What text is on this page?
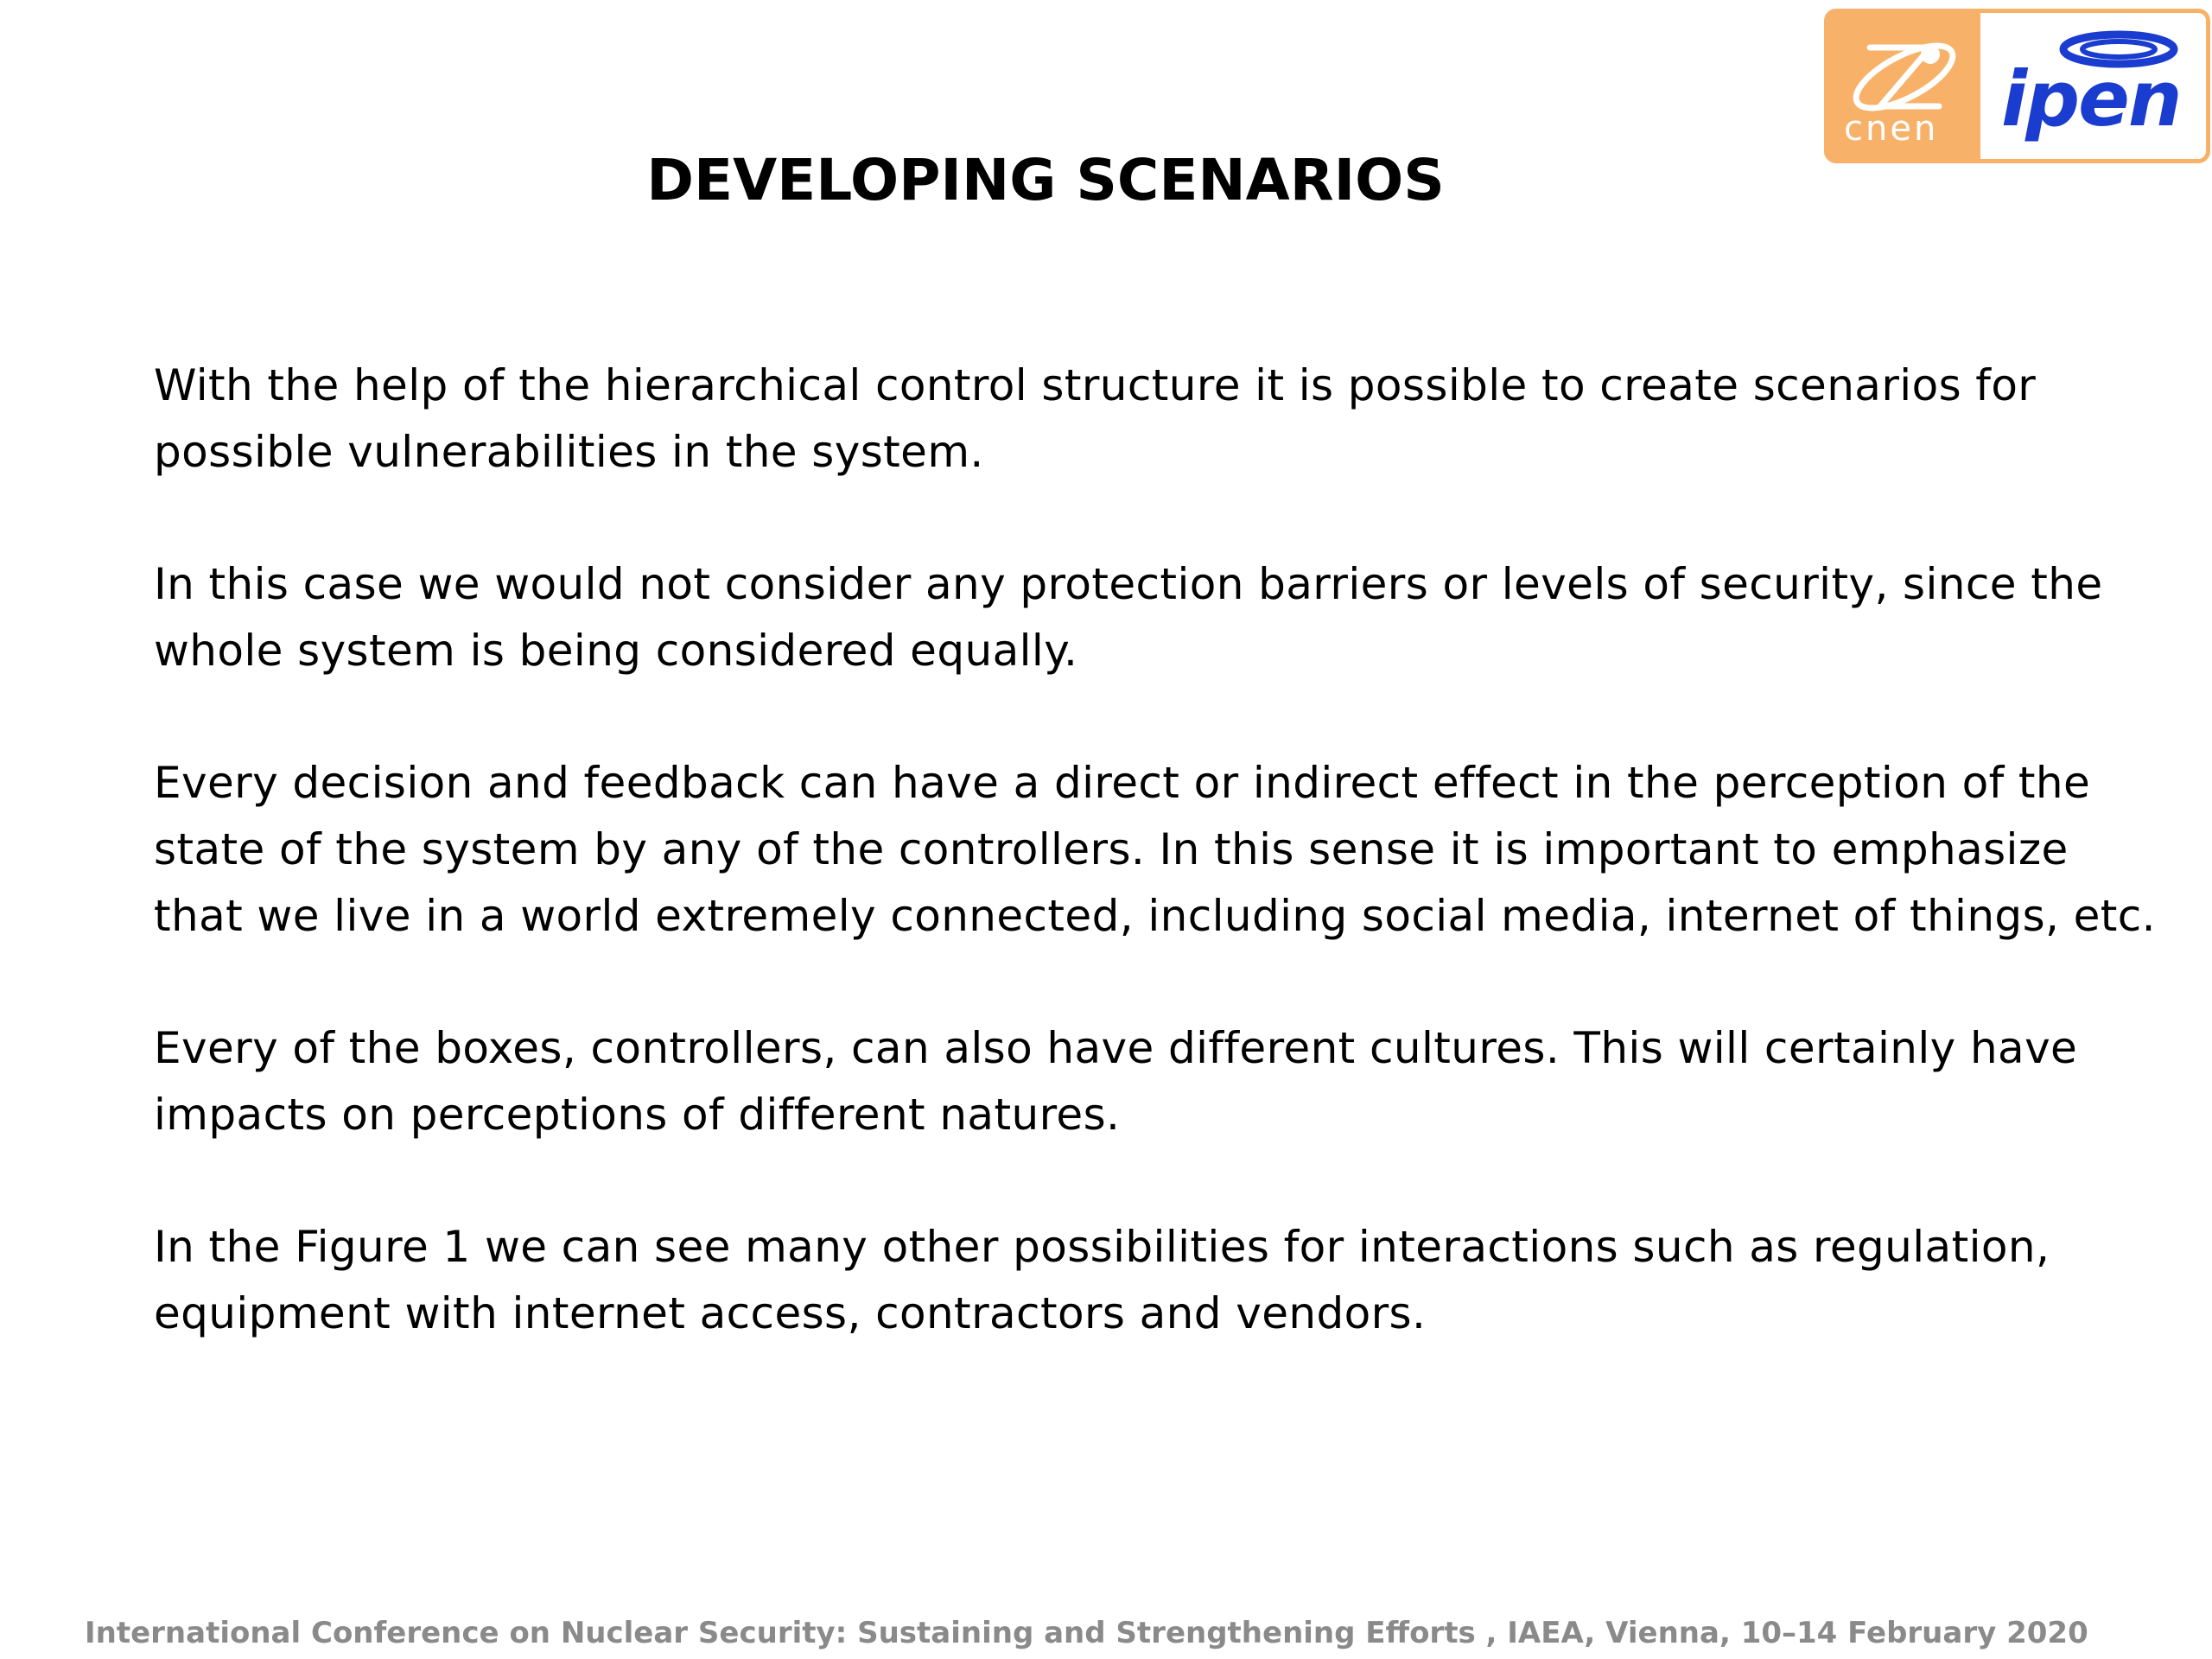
cnen ipen
DEVELOPING SCENARIOS

With the help of the hierarchical control structure it is possible to create scenarios for possible vulnerabilities in the system.

In this case we would not consider any protection barriers or levels of security, since the whole system is being considered equally.

Every decision and feedback can have a direct or indirect effect in the perception of the state of the system by any of the controllers. In this sense it is important to emphasize that we live in a world extremely connected, including social media, internet of things, etc.

Every of the boxes, controllers, can also have different cultures. This will certainly have impacts on perceptions of different natures.

In the Figure 1 we can see many other possibilities for interactions such as regulation, equipment with internet access, contractors and vendors.

International Conference on Nuclear Security: Sustaining and Strengthening Efforts , IAEA, Vienna, 10–14 February 2020
